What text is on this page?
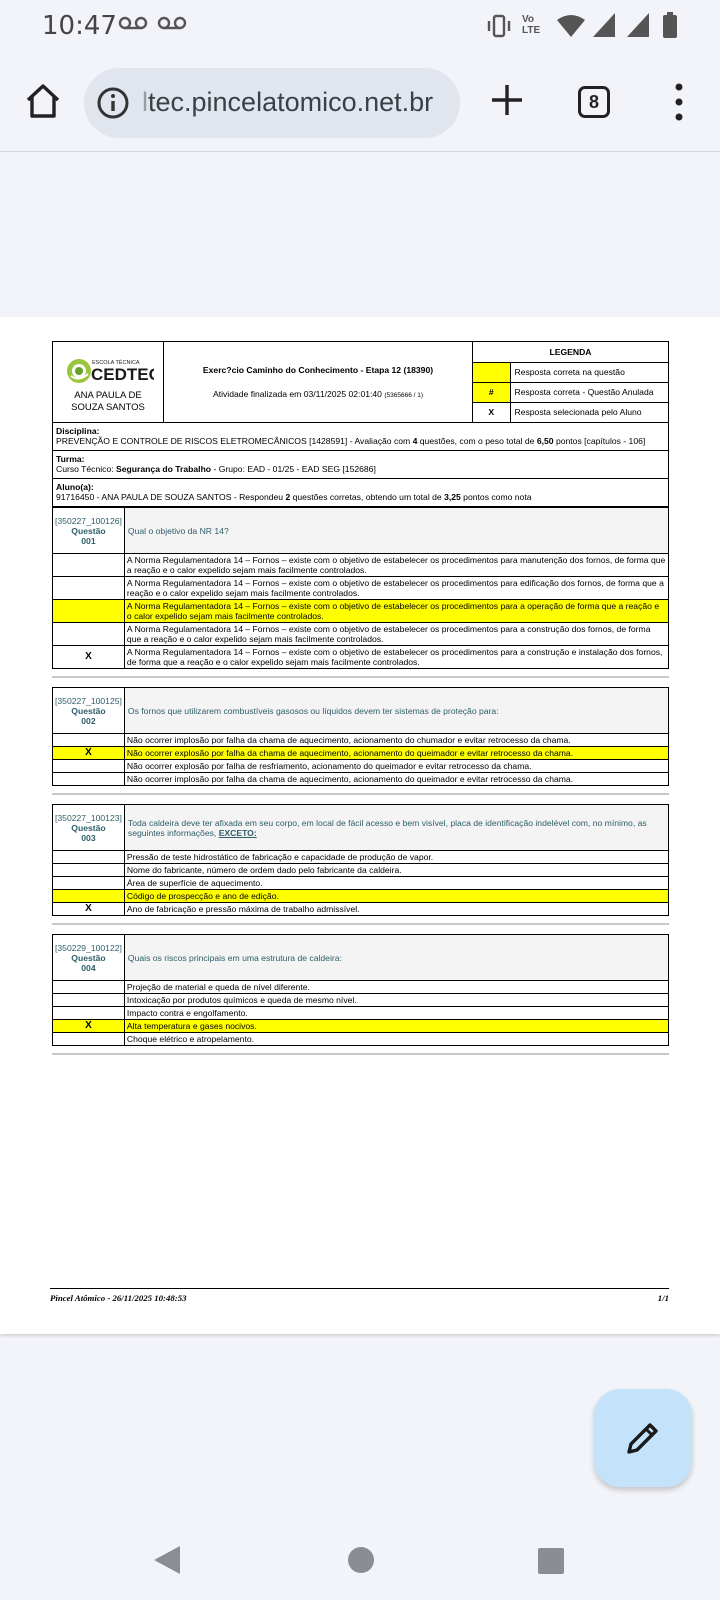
10:47	Vo LTE
ltec.pincelatomico.net.br	8
ESCOLA TÉCNICA
CEDTEC
ANA PAULA DE SOUZA SANTOS

Exerc?cio Caminho do Conhecimento - Etapa 12 (18390)
Atividade finalizada em 03/11/2025 02:01:40 (5365666 / 1)

LEGENDA
	Resposta correta na questão
#	Resposta correta - Questão Anulada
X	Resposta selecionada pelo Aluno
Disciplina:
PREVENÇÃO E CONTROLE DE RISCOS ELETROMECÂNICOS [1428591] - Avaliação com 4 questões, com o peso total de 6,50 pontos [capítulos - 106]
Turma:
Curso Técnico: Segurança do Trabalho - Grupo: EAD - 01/25 - EAD SEG [152686]
Aluno(a):
91716450 - ANA PAULA DE SOUZA SANTOS - Respondeu 2 questões corretas, obtendo um total de 3,25 pontos como nota
[350227_100126]
Questão
001	Qual o objetivo da NR 14?
	A Norma Regulamentadora 14 – Fornos – existe com o objetivo de estabelecer os procedimentos para manutenção dos fornos, de forma que a reação e o calor expelido sejam mais facilmente controlados.
	A Norma Regulamentadora 14 – Fornos – existe com o objetivo de estabelecer os procedimentos para edificação dos fornos, de forma que a reação e o calor expelido sejam mais facilmente controlados.
	A Norma Regulamentadora 14 – Fornos – existe com o objetivo de estabelecer os procedimentos para a operação de forma que a reação e o calor expelido sejam mais facilmente controlados.
	A Norma Regulamentadora 14 – Fornos – existe com o objetivo de estabelecer os procedimentos para a construção dos fornos, de forma que a reação e o calor expelido sejam mais facilmente controlados.
X	A Norma Regulamentadora 14 – Fornos – existe com o objetivo de estabelecer os procedimentos para a construção e instalação dos fornos, de forma que a reação e o calor expelido sejam mais facilmente controlados.
[350227_100125]
Questão
002	Os fornos que utilizarem combustíveis gasosos ou líquidos devem ter sistemas de proteção para:
	Não ocorrer implosão por falha da chama de aquecimento, acionamento do chumador e evitar retrocesso da chama.
X	Não ocorrer explosão por falha da chama de aquecimento, acionamento do queimador e evitar retrocesso da chama.
	Não ocorrer explosão por falha de resfriamento, acionamento do queimador e evitar retrocesso da chama.
	Não ocorrer implosão por falha da chama de aquecimento, acionamento do queimador e evitar retrocesso da chama.
[350227_100123]
Questão
003	Toda caldeira deve ter afixada em seu corpo, em local de fácil acesso e bem visível, placa de identificação indelével com, no mínimo, as seguintes informações, EXCETO:
	Pressão de teste hidrostático de fabricação e capacidade de produção de vapor.
	Nome do fabricante, número de ordem dado pelo fabricante da caldeira.
	Área de superfície de aquecimento.
	Código de prospecção e ano de edição.
X	Ano de fabricação e pressão máxima de trabalho admissível.
[350229_100122]
Questão
004	Quais os riscos principais em uma estrutura de caldeira:
	Projeção de material e queda de nível diferente.
	Intoxicação por produtos químicos e queda de mesmo nível.
	Impacto contra e engolfamento.
X	Alta temperatura e gases nocivos.
	Choque elétrico e atropelamento.
Pincel Atômico - 26/11/2025 10:48:53	1/1
